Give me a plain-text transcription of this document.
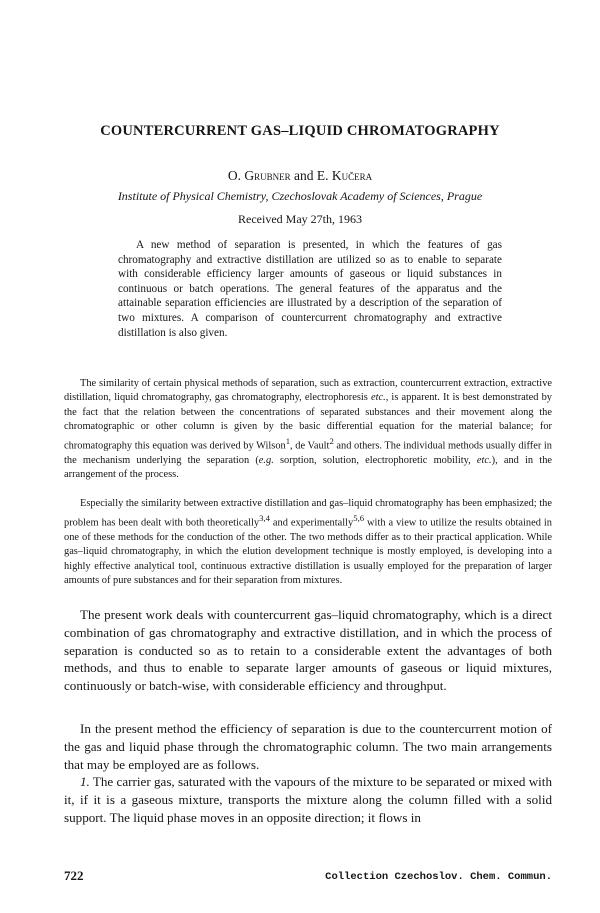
COUNTERCURRENT GAS–LIQUID CHROMATOGRAPHY
O. Grubner and E. Kučera
Institute of Physical Chemistry, Czechoslovak Academy of Sciences, Prague
Received May 27th, 1963

A new method of separation is presented, in which the features of gas chromatography and extractive distillation are utilized so as to enable to separate with considerable efficiency larger amounts of gaseous or liquid substances in continuous or batch operations. The general features of the apparatus and the attainable separation efficiencies are illustrated by a description of the separation of two mixtures. A comparison of countercurrent chromatography and extractive distillation is also given.

The similarity of certain physical methods of separation, such as extraction, countercurrent extraction, extractive distillation, liquid chromatography, gas chromatography, electrophoresis etc., is apparent. It is best demonstrated by the fact that the relation between the concentrations of separated substances and their movement along the chromatographic or other column is given by the basic differential equation for the material balance; for chromatography this equation was derived by Wilson$^1$, de Vault$^2$ and others. The individual methods usually differ in the mechanism underlying the separation (e.g. sorption, solution, electrophoretic mobility, etc.), and in the arrangement of the process.

Especially the similarity between extractive distillation and gas–liquid chromatography has been emphasized; the problem has been dealt with both theoretically$^{3,4}$ and experimentally$^{5,6}$ with a view to utilize the results obtained in one of these methods for the conduction of the other. The two methods differ as to their practical application. While gas–liquid chromatography, in which the elution development technique is mostly employed, is developing into a highly effective analytical tool, continuous extractive distillation is usually employed for the preparation of larger amounts of pure substances and for their separation from mixtures.

The present work deals with countercurrent gas–liquid chromatography, which is a direct combination of gas chromatography and extractive distillation, and in which the process of separation is conducted so as to retain to a considerable extent the advantages of both methods, and thus to enable to separate larger amounts of gaseous or liquid mixtures, continuously or batch-wise, with considerable efficiency and throughput.

In the present method the efficiency of separation is due to the countercurrent motion of the gas and liquid phase through the chromatographic column. The two main arrangements that may be employed are as follows.

1. The carrier gas, saturated with the vapours of the mixture to be separated or mixed with it, if it is a gaseous mixture, transports the mixture along the column filled with a solid support. The liquid phase moves in an opposite direction; it flows in

722	Collection Czechoslov. Chem. Commun.
